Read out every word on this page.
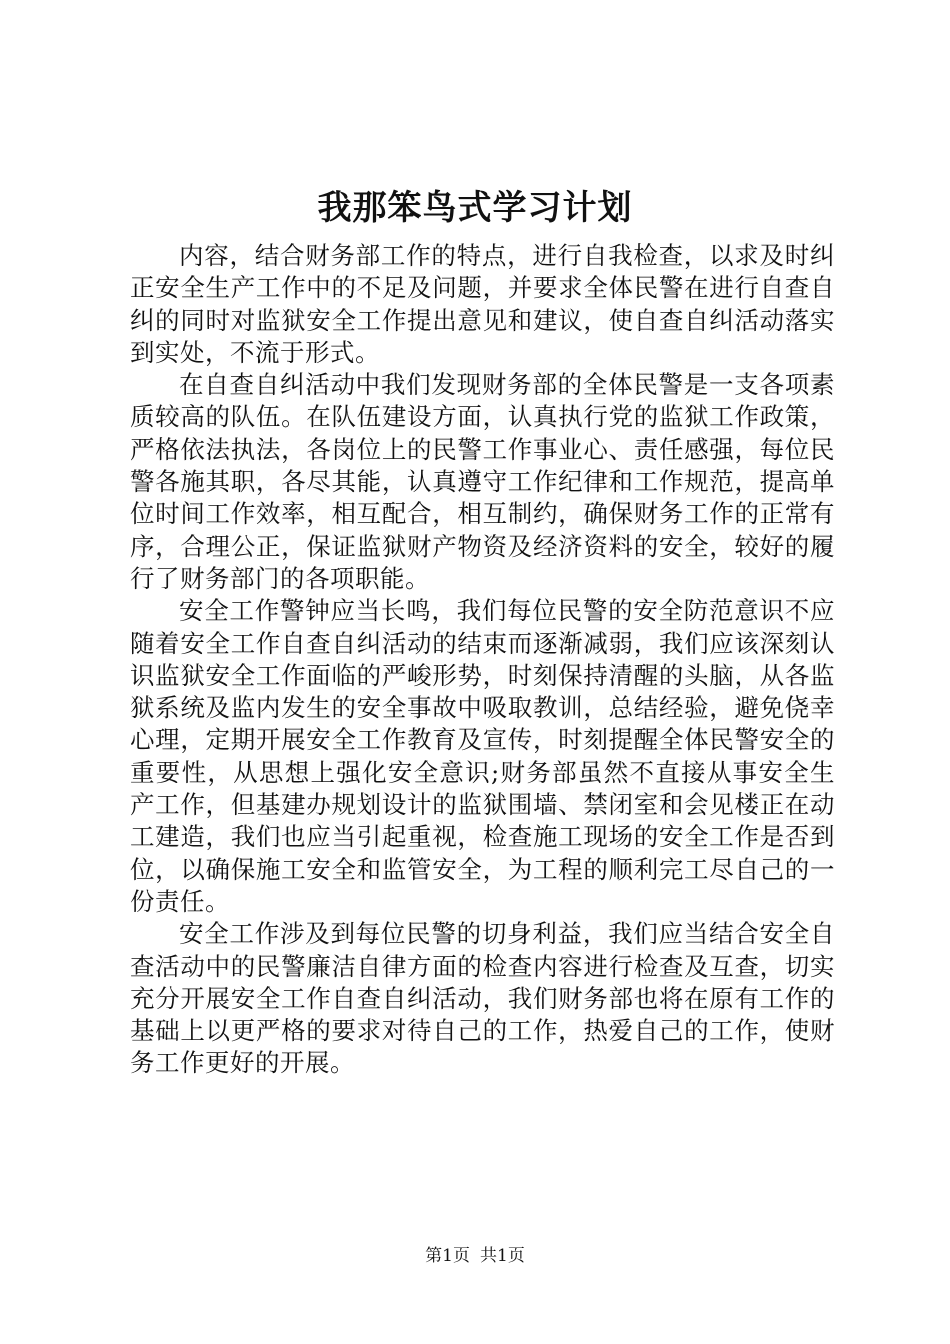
我那笨鸟式学习计划

内容，结合财务部工作的特点，进行自我检查，以求及时纠正安全生产工作中的不足及问题，并要求全体民警在进行自查自纠的同时对监狱安全工作提出意见和建议，使自查自纠活动落实到实处，不流于形式。

在自查自纠活动中我们发现财务部的全体民警是一支各项素质较高的队伍。在队伍建设方面，认真执行党的监狱工作政策，严格依法执法，各岗位上的民警工作事业心、责任感强，每位民警各施其职，各尽其能，认真遵守工作纪律和工作规范，提高单位时间工作效率，相互配合，相互制约，确保财务工作的正常有序，合理公正，保证监狱财产物资及经济资料的安全，较好的履行了财务部门的各项职能。

安全工作警钟应当长鸣，我们每位民警的安全防范意识不应随着安全工作自查自纠活动的结束而逐渐减弱，我们应该深刻认识监狱安全工作面临的严峻形势，时刻保持清醒的头脑，从各监狱系统及监内发生的安全事故中吸取教训，总结经验，避免侥幸心理，定期开展安全工作教育及宣传，时刻提醒全体民警安全的重要性，从思想上强化安全意识;财务部虽然不直接从事安全生产工作，但基建办规划设计的监狱围墙、禁闭室和会见楼正在动工建造，我们也应当引起重视，检查施工现场的安全工作是否到位，以确保施工安全和监管安全，为工程的顺利完工尽自己的一份责任。

安全工作涉及到每位民警的切身利益，我们应当结合安全自查活动中的民警廉洁自律方面的检查内容进行检查及互查，切实充分开展安全工作自查自纠活动，我们财务部也将在原有工作的基础上以更严格的要求对待自己的工作，热爱自己的工作，使财务工作更好的开展。

第1页 共1页
